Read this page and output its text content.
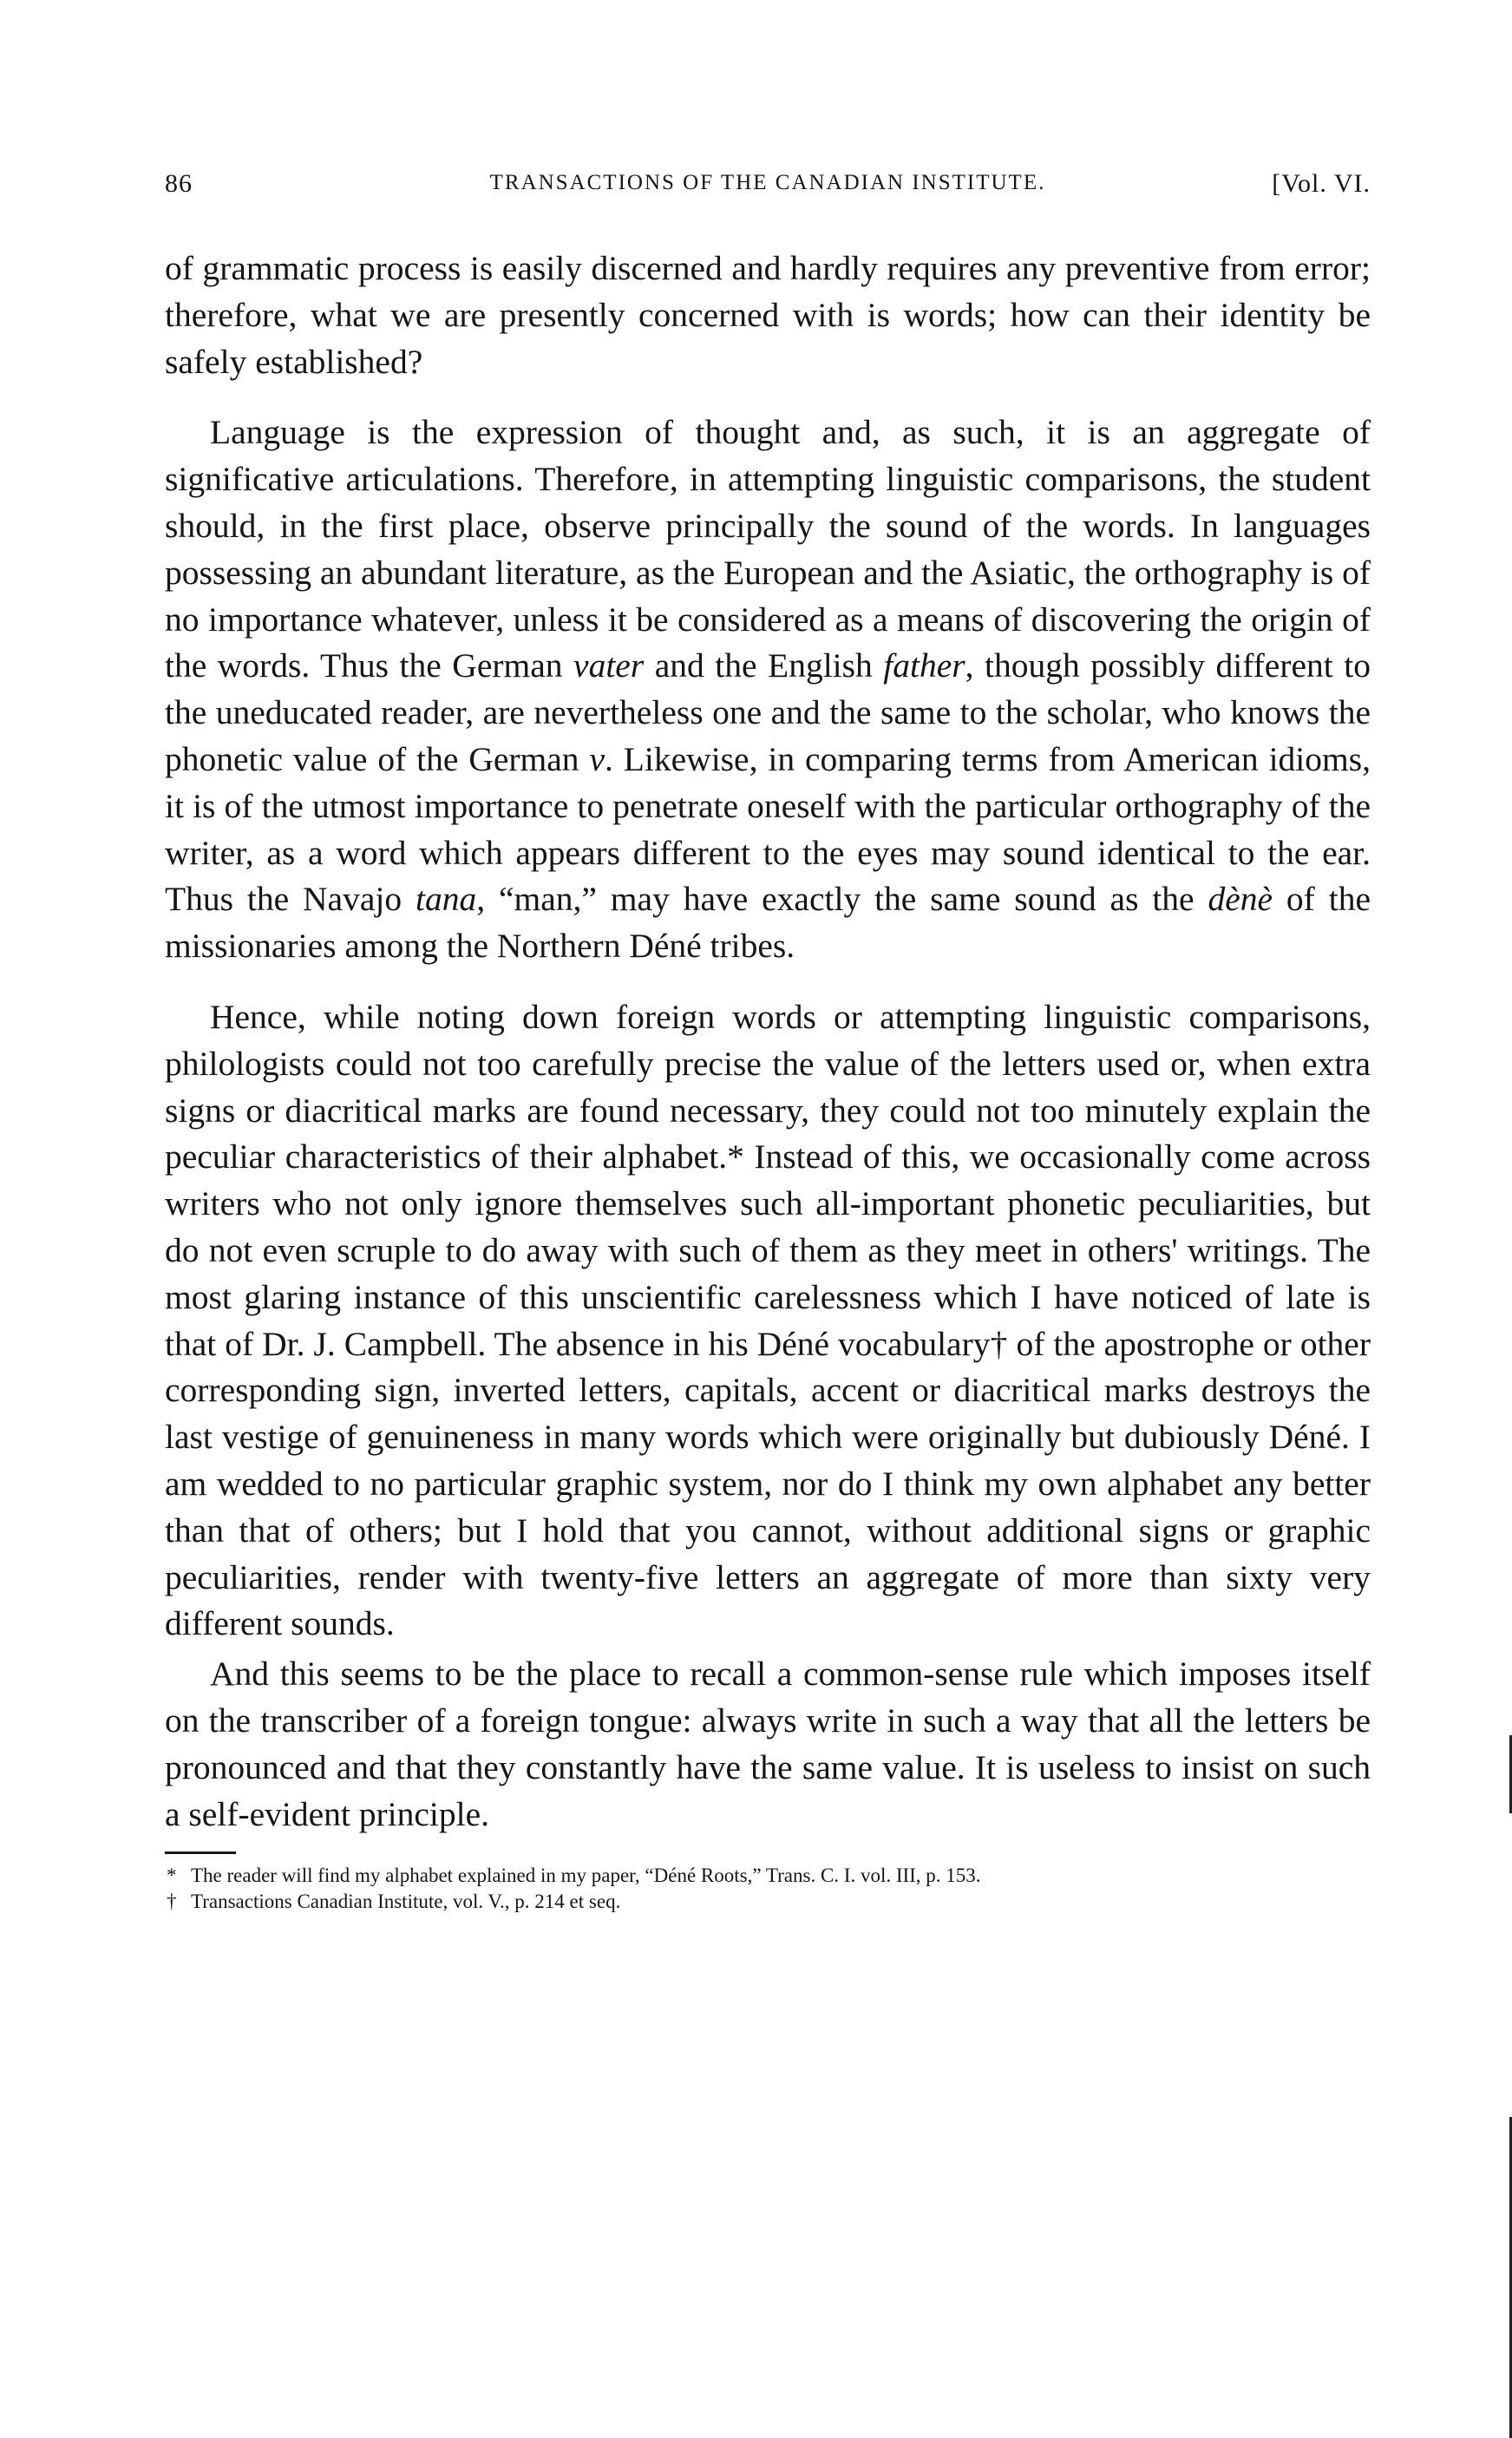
86	TRANSACTIONS OF THE CANADIAN INSTITUTE.	[Vol. VI.

of grammatic process is easily discerned and hardly requires any preventive from error; therefore, what we are presently concerned with is words; how can their identity be safely established?

Language is the expression of thought and, as such, it is an aggregate of significative articulations. Therefore, in attempting linguistic comparisons, the student should, in the first place, observe principally the sound of the words. In languages possessing an abundant literature, as the European and the Asiatic, the orthography is of no importance whatever, unless it be considered as a means of discovering the origin of the words. Thus the German vater and the English father, though possibly different to the uneducated reader, are nevertheless one and the same to the scholar, who knows the phonetic value of the German v. Likewise, in comparing terms from American idioms, it is of the utmost importance to penetrate oneself with the particular orthography of the writer, as a word which appears different to the eyes may sound identical to the ear. Thus the Navajo tana, “man,” may have exactly the same sound as the dènè of the missionaries among the Northern Déné tribes.

Hence, while noting down foreign words or attempting linguistic comparisons, philologists could not too carefully precise the value of the letters used or, when extra signs or diacritical marks are found necessary, they could not too minutely explain the peculiar characteristics of their alphabet.* Instead of this, we occasionally come across writers who not only ignore themselves such all-important phonetic peculiarities, but do not even scruple to do away with such of them as they meet in others' writings. The most glaring instance of this unscientific carelessness which I have noticed of late is that of Dr. J. Campbell. The absence in his Déné vocabulary† of the apostrophe or other corresponding sign, inverted letters, capitals, accent or diacritical marks destroys the last vestige of genuineness in many words which were originally but dubiously Déné. I am wedded to no particular graphic system, nor do I think my own alphabet any better than that of others; but I hold that you cannot, without additional signs or graphic peculiarities, render with twenty-five letters an aggregate of more than sixty very different sounds.

And this seems to be the place to recall a common-sense rule which imposes itself on the transcriber of a foreign tongue: always write in such a way that all the letters be pronounced and that they constantly have the same value. It is useless to insist on such a self-evident principle.

* The reader will find my alphabet explained in my paper, “Déné Roots,” Trans. C. I. vol. III, p. 153.

† Transactions Canadian Institute, vol. V., p. 214 et seq.
